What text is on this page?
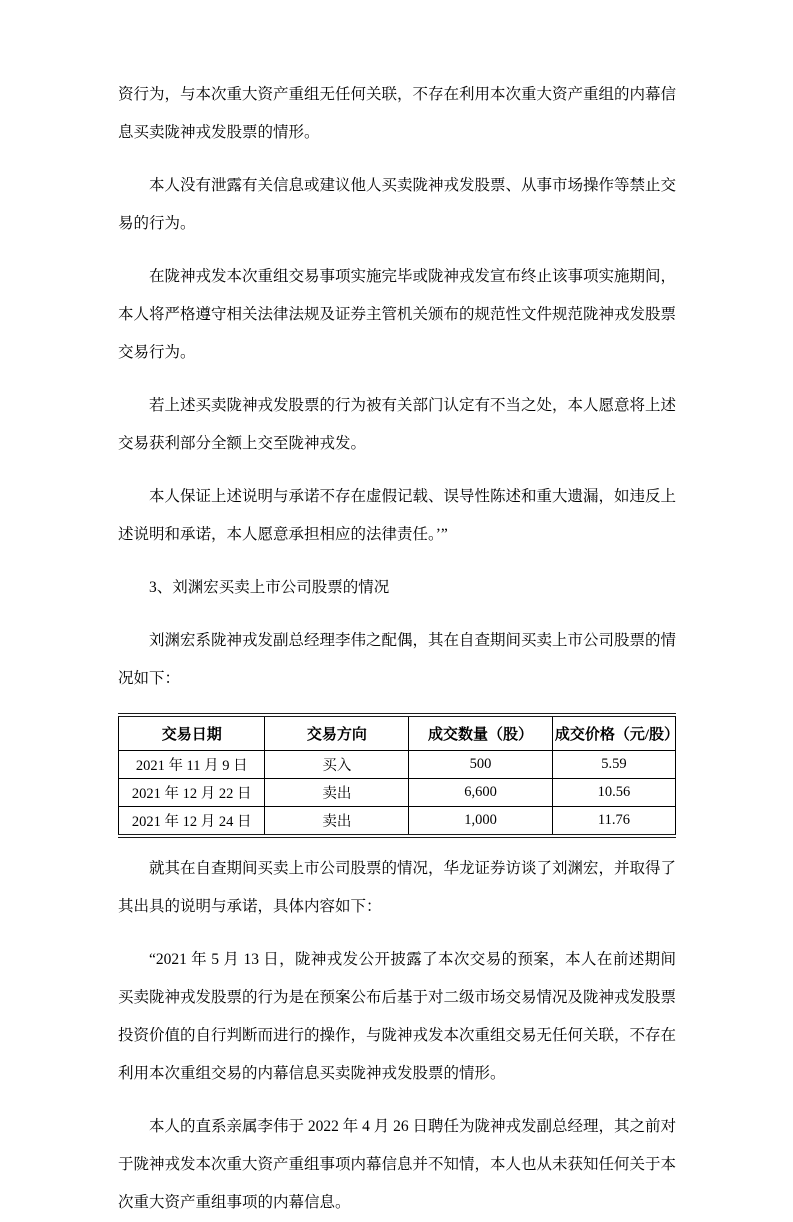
资行为，与本次重大资产重组无任何关联，不存在利用本次重大资产重组的内幕信息买卖陇神戎发股票的情形。

本人没有泄露有关信息或建议他人买卖陇神戎发股票、从事市场操作等禁止交易的行为。

在陇神戎发本次重组交易事项实施完毕或陇神戎发宣布终止该事项实施期间，本人将严格遵守相关法律法规及证券主管机关颁布的规范性文件规范陇神戎发股票交易行为。

若上述买卖陇神戎发股票的行为被有关部门认定有不当之处，本人愿意将上述交易获利部分全额上交至陇神戎发。

本人保证上述说明与承诺不存在虚假记载、误导性陈述和重大遗漏，如违反上述说明和承诺，本人愿意承担相应的法律责任。’”

3、刘渊宏买卖上市公司股票的情况

刘渊宏系陇神戎发副总经理李伟之配偶，其在自查期间买卖上市公司股票的情况如下：

交易日期	交易方向	成交数量（股）	成交价格（元/股）
2021 年 11 月 9 日	买入	500	5.59
2021 年 12 月 22 日	卖出	6,600	10.56
2021 年 12 月 24 日	卖出	1,000	11.76

就其在自查期间买卖上市公司股票的情况，华龙证券访谈了刘渊宏，并取得了其出具的说明与承诺，具体内容如下：

“2021 年 5 月 13 日，陇神戎发公开披露了本次交易的预案，本人在前述期间买卖陇神戎发股票的行为是在预案公布后基于对二级市场交易情况及陇神戎发股票投资价值的自行判断而进行的操作，与陇神戎发本次重组交易无任何关联，不存在利用本次重组交易的内幕信息买卖陇神戎发股票的情形。

本人的直系亲属李伟于 2022 年 4 月 26 日聘任为陇神戎发副总经理，其之前对于陇神戎发本次重大资产重组事项内幕信息并不知情，本人也从未获知任何关于本次重大资产重组事项的内幕信息。
